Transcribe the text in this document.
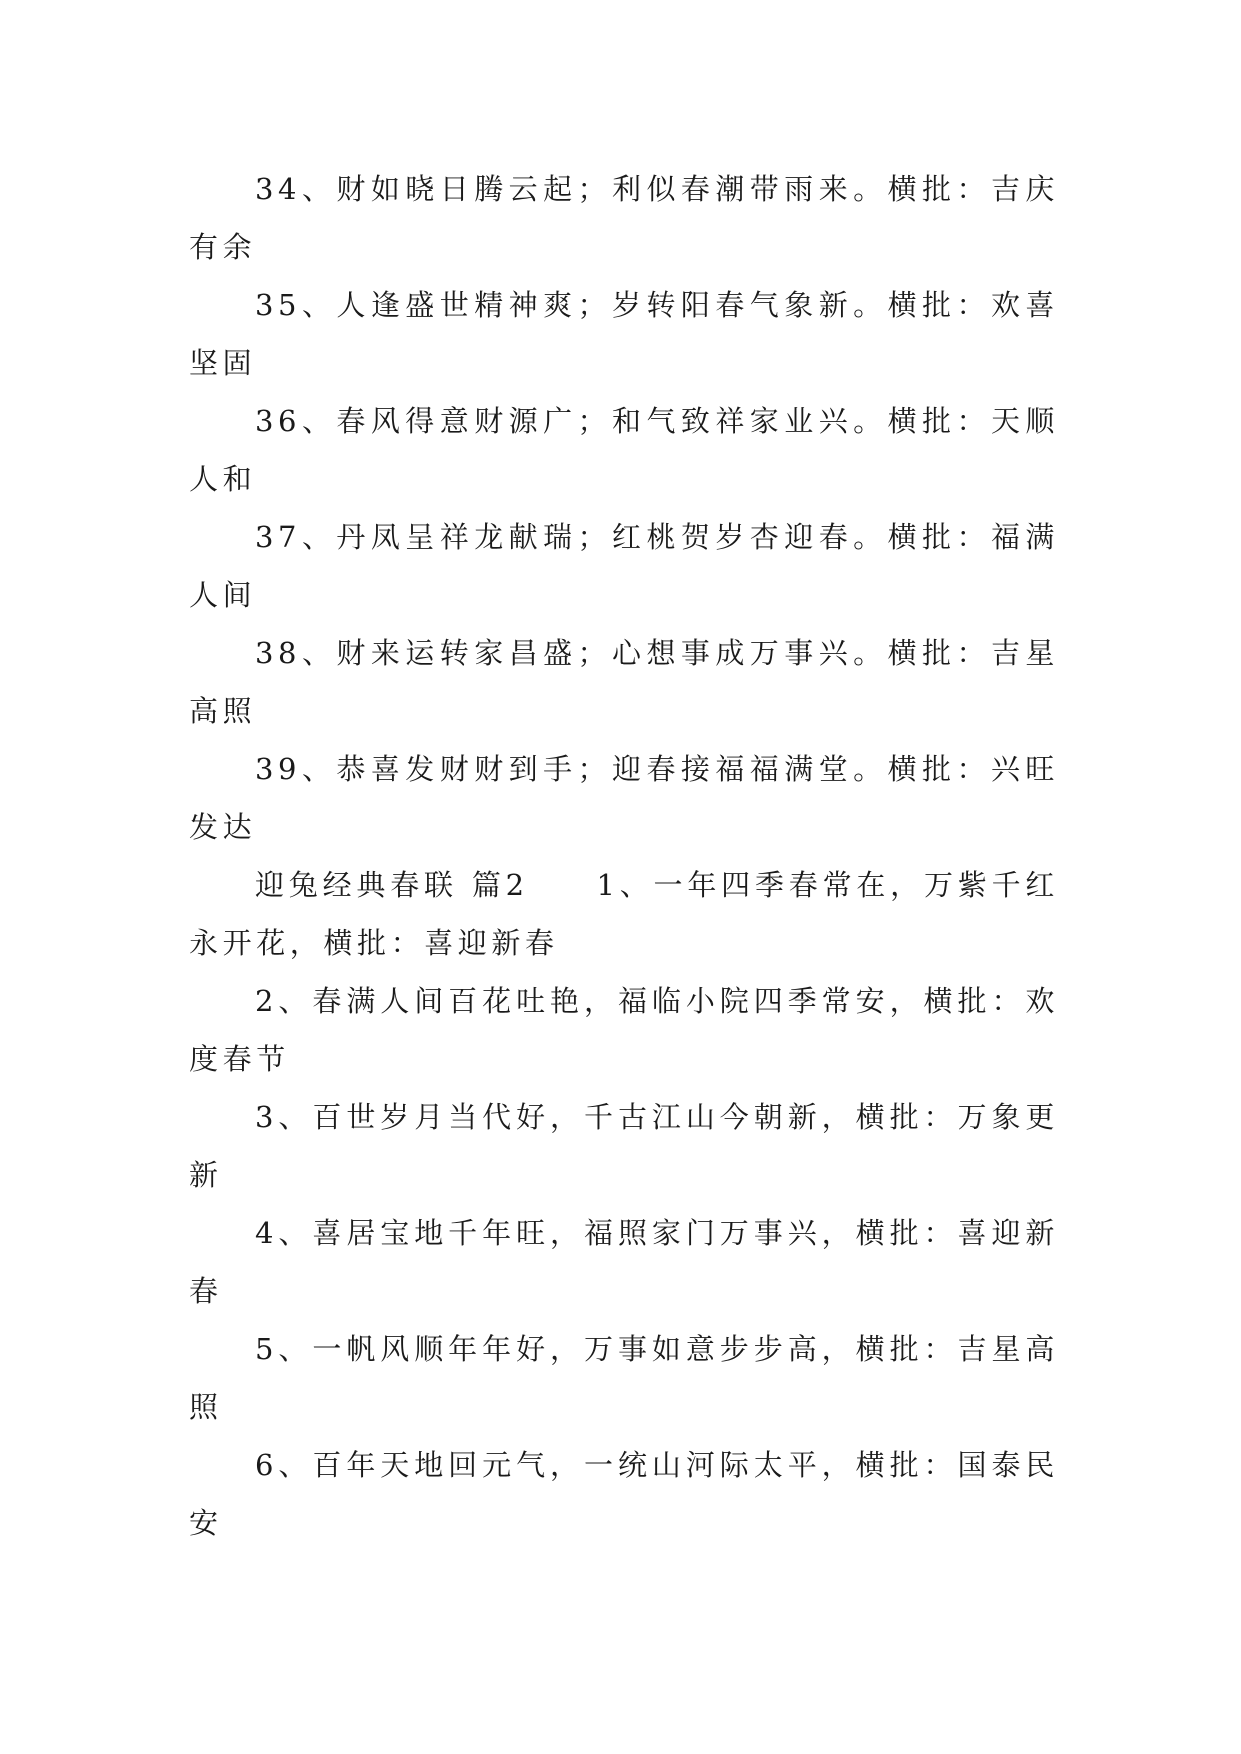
34、财如晓日腾云起；利似春潮带雨来。横批：吉庆有余

35、人逢盛世精神爽；岁转阳春气象新。横批：欢喜坚固

36、春风得意财源广；和气致祥家业兴。横批：天顺人和

37、丹凤呈祥龙献瑞；红桃贺岁杏迎春。横批：福满人间

38、财来运转家昌盛；心想事成万事兴。横批：吉星高照

39、恭喜发财财到手；迎春接福福满堂。横批：兴旺发达

迎兔经典春联 篇2　　1、一年四季春常在，万紫千红永开花，横批：喜迎新春

2、春满人间百花吐艳，福临小院四季常安，横批：欢度春节

3、百世岁月当代好，千古江山今朝新，横批：万象更新

4、喜居宝地千年旺，福照家门万事兴，横批：喜迎新春

5、一帆风顺年年好，万事如意步步高，横批：吉星高照

6、百年天地回元气，一统山河际太平，横批：国泰民安
